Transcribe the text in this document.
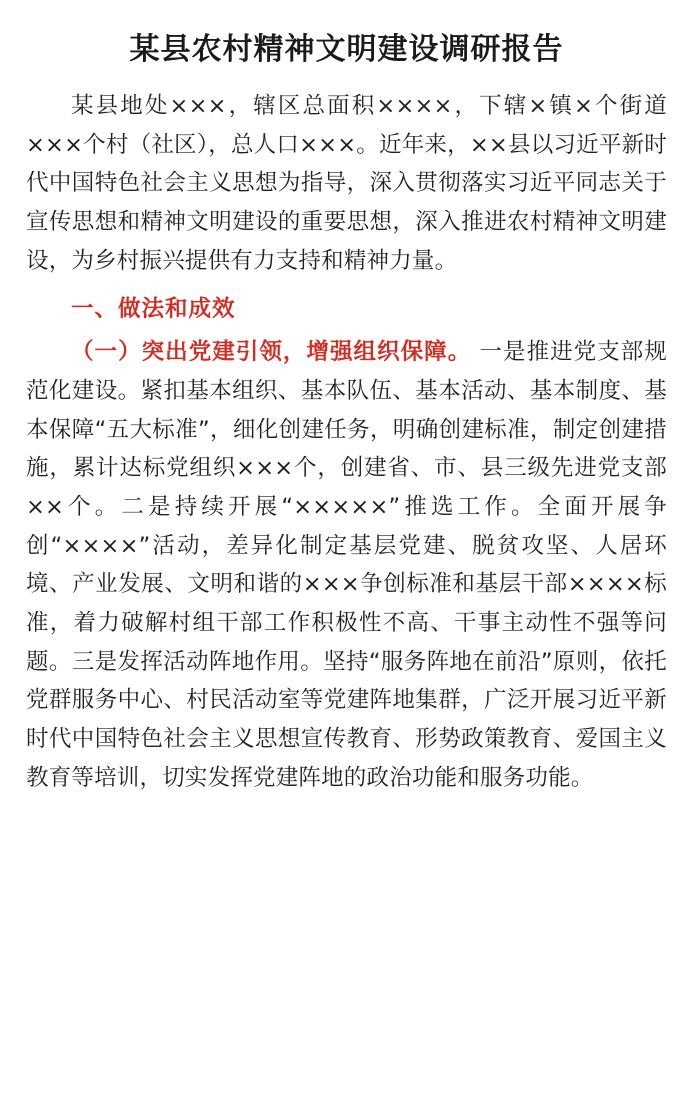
某县农村精神文明建设调研报告

某县地处×××，辖区总面积××××，下辖×镇×个街道×××个村（社区），总人口×××。近年来，××县以习近平新时代中国特色社会主义思想为指导，深入贯彻落实习近平同志关于宣传思想和精神文明建设的重要思想，深入推进农村精神文明建设，为乡村振兴提供有力支持和精神力量。

一、做法和成效

（一）突出党建引领，增强组织保障。 一是推进党支部规范化建设。紧扣基本组织、基本队伍、基本活动、基本制度、基本保障“五大标准”，细化创建任务，明确创建标准，制定创建措施，累计达标党组织×××个，创建省、市、县三级先进党支部××个。二是持续开展“×××××”推选工作。全面开展争创“××××”活动，差异化制定基层党建、脱贫攻坚、人居环境、产业发展、文明和谐的×××争创标准和基层干部××××标准，着力破解村组干部工作积极性不高、干事主动性不强等问题。三是发挥活动阵地作用。坚持“服务阵地在前沿”原则，依托党群服务中心、村民活动室等党建阵地集群，广泛开展习近平新时代中国特色社会主义思想宣传教育、形势政策教育、爱国主义教育等培训，切实发挥党建阵地的政治功能和服务功能。
